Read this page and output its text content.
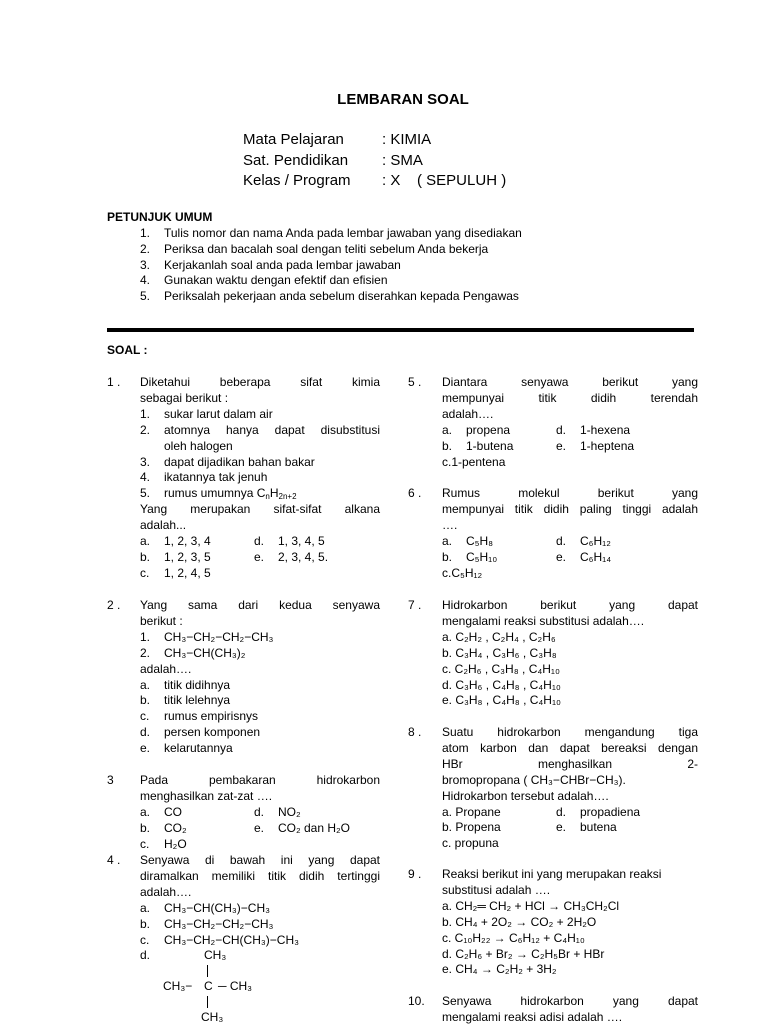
LEMBARAN SOAL
Mata Pelajaran	: KIMIA
Sat. Pendidikan	: SMA
Kelas / Program	: X    ( SEPULUH )
PETUNJUK UMUM
1.	Tulis nomor dan nama Anda pada lembar jawaban yang disediakan
2.	Periksa dan bacalah soal dengan teliti sebelum Anda bekerja
3.	Kerjakanlah soal anda pada lembar jawaban
4.	Gunakan waktu dengan efektif dan efisien
5.	Periksalah pekerjaan anda sebelum diserahkan kepada Pengawas
SOAL :
1 . Diketahui beberapa sifat kimia
sebagai berikut :
1.	sukar larut dalam air
2.	atomnya hanya dapat disubstitusi
oleh halogen
3.	dapat dijadikan bahan bakar
4.	ikatannya tak jenuh
5.	rumus umumnya $C_nH_{2n+2}$
Yang merupakan sifat-sifat alkana
adalah...
a.	1, 2, 3, 4	d.	1, 3, 4, 5
b.	1, 2, 3, 5	e.	2, 3, 4, 5.
c.	1, 2, 4, 5
2 . Yang sama dari kedua senyawa
berikut :
1.	CH₃−CH₂−CH₂−CH₃
2.	CH₃−CH(CH₃)₂
adalah….
a.	titik didihnya
b.	titik lelehnya
c.	rumus empirisnys
d.	persen komponen
e.	kelarutannya
3 Pada pembakaran hidrokarbon
menghasilkan zat-zat ….
a.	CO	d.	NO₂
b.	CO₂	e.	CO₂ dan H₂O
c.	H₂O
4 . Senyawa di bawah ini yang dapat
diramalkan memiliki titik didih tertinggi
adalah….
a.	CH₃−CH(CH₃)−CH₃
b.	CH₃−CH₂−CH₂−CH₃
c.	CH₃−CH₂−CH(CH₃)−CH₃
d.	CH₃
CH₃− C ─ CH₃
CH₃
5 . Diantara senyawa berikut yang
mempunyai titik didih terendah
adalah….
a.	propena	d.	1-hexena
b.	1-butena	e.	1-heptena
c.1-pentena
6 . Rumus molekul berikut yang
mempunyai titik didih paling tinggi adalah
….
a.	C₅H₈	d.	C₆H₁₂
b.	C₅H₁₀	e.	C₆H₁₄
c.C₅H₁₂
7 . Hidrokarbon berikut yang dapat
mengalami reaksi substitusi adalah….
a. C₂H₂ , C₂H₄ , C₂H₆
b. C₃H₄ , C₃H₆ , C₃H₈
c. C₂H₆ , C₃H₈ , C₄H₁₀
d. C₃H₆ , C₄H₈ , C₄H₁₀
e. C₃H₈ , C₄H₈ , C₄H₁₀
8 . Suatu hidrokarbon mengandung tiga
atom karbon dan dapat bereaksi dengan
HBr	menghasilkan	2-
bromopropana ( CH₃−CHBr−CH₃).
Hidrokarbon tersebut adalah….
a. Propane	d.	propadiena
b. Propena	e.	butena
c. propuna
9 . Reaksi berikut ini yang merupakan reaksi
substitusi adalah ….
a. CH₂═ CH₂ + HCl → CH₃CH₂Cl
b. CH₄ + 2O₂ → CO₂ + 2H₂O
c. C₁₀H₂₂ → C₆H₁₂ + C₄H₁₀
d. C₂H₆ + Br₂ → C₂H₅Br + HBr
e. CH₄ → C₂H₂ + 3H₂
10. Senyawa hidrokarbon yang dapat
mengalami reaksi adisi adalah ….
